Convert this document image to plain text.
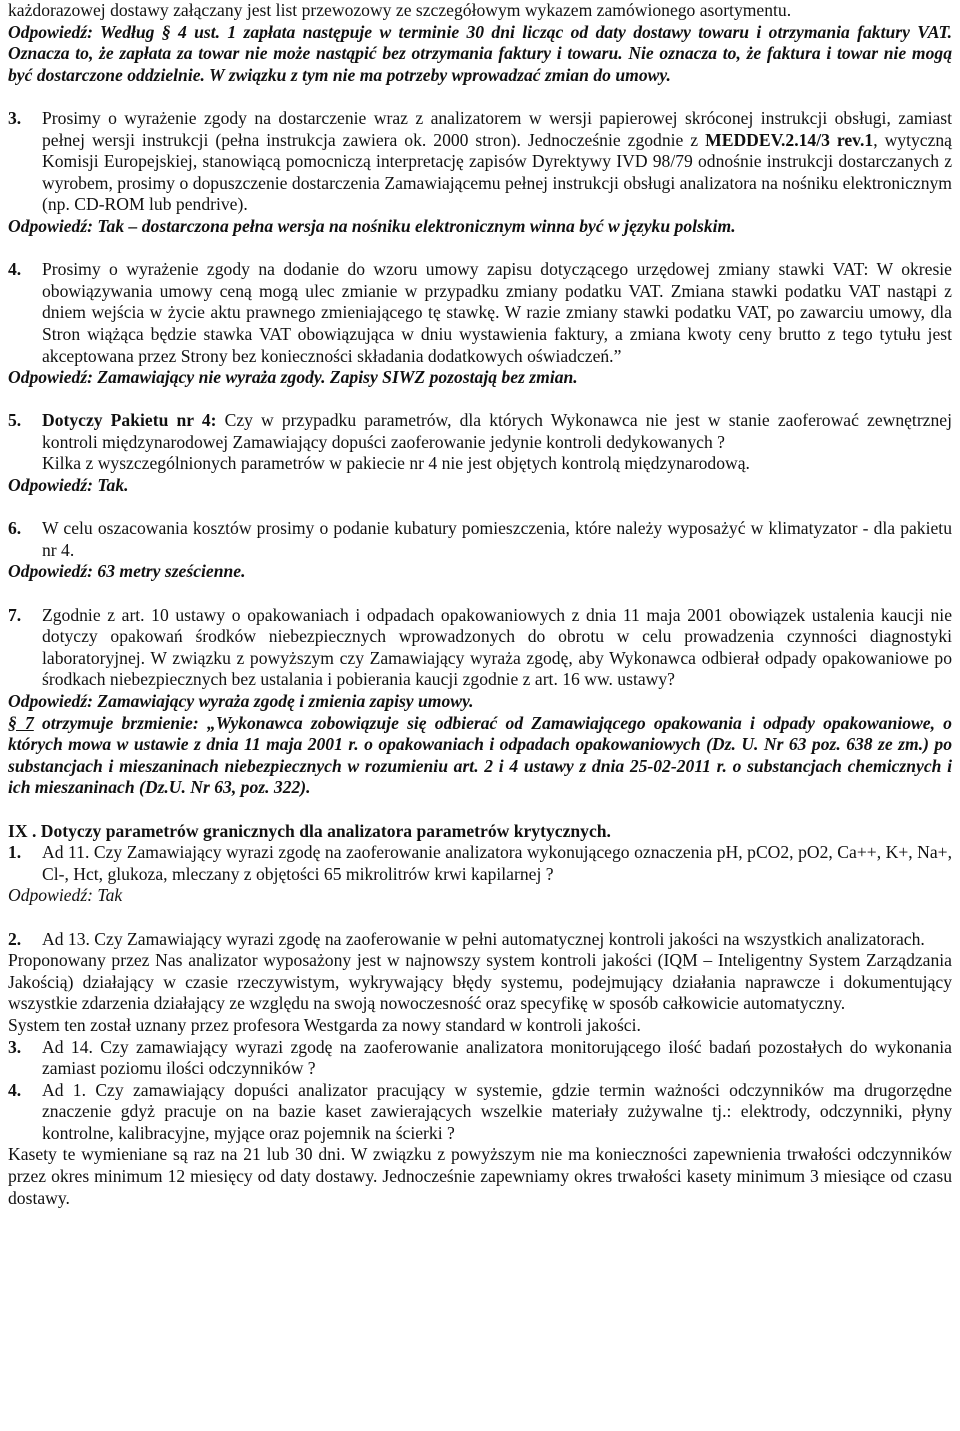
każdorazowej dostawy załączany jest list przewozowy ze szczegółowym wykazem zamówionego asortymentu.

Odpowiedź: Według § 4 ust. 1 zapłata następuje w terminie 30 dni licząc od daty dostawy towaru i otrzymania faktury VAT. Oznacza to, że zapłata za towar nie może nastąpić bez otrzymania faktury i towaru. Nie oznacza to, że faktura i towar nie mogą być dostarczone oddzielnie. W związku z tym nie ma potrzeby wprowadzać zmian do umowy.

3.	Prosimy o wyrażenie zgody na dostarczenie wraz z analizatorem w wersji papierowej skróconej instrukcji obsługi, zamiast pełnej wersji instrukcji (pełna instrukcja zawiera ok. 2000 stron). Jednocześnie zgodnie z MEDDEV.2.14/3 rev.1, wytyczną Komisji Europejskiej, stanowiącą pomocniczą interpretację zapisów Dyrektywy IVD 98/79 odnośnie instrukcji dostarczanych z wyrobem, prosimy o dopuszczenie dostarczenia Zamawiającemu pełnej instrukcji obsługi analizatora na nośniku elektronicznym (np. CD-ROM lub pendrive).

Odpowiedź: Tak – dostarczona pełna wersja na nośniku elektronicznym winna być w języku polskim.

4.	Prosimy o wyrażenie zgody na dodanie do wzoru umowy zapisu dotyczącego urzędowej zmiany stawki VAT: W okresie obowiązywania umowy ceną mogą ulec zmianie w przypadku zmiany podatku VAT. Zmiana stawki podatku VAT nastąpi z dniem wejścia w życie aktu prawnego zmieniającego tę stawkę. W razie zmiany stawki podatku VAT, po zawarciu umowy, dla Stron wiążąca będzie stawka VAT obowiązująca w dniu wystawienia faktury, a zmiana kwoty ceny brutto z tego tytułu jest akceptowana przez Strony bez konieczności składania dodatkowych oświadczeń.”

Odpowiedź: Zamawiający nie wyraża zgody. Zapisy SIWZ pozostają bez zmian.

5.	Dotyczy Pakietu nr 4: Czy w przypadku parametrów, dla których Wykonawca nie jest w stanie zaoferować zewnętrznej kontroli międzynarodowej Zamawiający dopuści zaoferowanie jedynie kontroli dedykowanych ?

Kilka z wyszczególnionych parametrów w pakiecie nr 4 nie jest objętych kontrolą międzynarodową.

Odpowiedź: Tak.

6.	W celu oszacowania kosztów prosimy o podanie kubatury pomieszczenia, które należy wyposażyć w klimatyzator - dla pakietu nr 4.

Odpowiedź: 63 metry sześcienne.

7.	Zgodnie z art. 10 ustawy o opakowaniach i odpadach opakowaniowych z dnia 11 maja 2001 obowiązek ustalenia kaucji nie dotyczy opakowań środków niebezpiecznych wprowadzonych do obrotu w celu prowadzenia czynności diagnostyki laboratoryjnej. W związku z powyższym czy Zamawiający wyraża zgodę, aby Wykonawca odbierał odpady opakowaniowe po środkach niebezpiecznych bez ustalania i pobierania kaucji zgodnie z art. 16 ww. ustawy?

Odpowiedź: Zamawiający wyraża zgodę i zmienia zapisy umowy.

§ 7 otrzymuje brzmienie: „Wykonawca zobowiązuje się odbierać od Zamawiającego opakowania i odpady opakowaniowe, o których mowa w ustawie z dnia 11 maja 2001 r. o opakowaniach i odpadach opakowaniowych (Dz. U. Nr 63 poz. 638 ze zm.) po substancjach i mieszaninach niebezpiecznych w rozumieniu art. 2 i 4 ustawy z dnia 25-02-2011 r. o substancjach chemicznych i ich mieszaninach (Dz.U. Nr 63, poz. 322).

IX . Dotyczy parametrów granicznych dla analizatora parametrów krytycznych.

1.	Ad 11. Czy Zamawiający wyrazi zgodę na zaoferowanie analizatora wykonującego oznaczenia pH, pCO2, pO2, Ca++, K+, Na+, Cl-, Hct, glukoza, mleczany z objętości 65 mikrolitrów krwi kapilarnej ?

Odpowiedź: Tak

2.	Ad 13. Czy Zamawiający wyrazi zgodę na zaoferowanie w pełni automatycznej kontroli jakości na wszystkich analizatorach.

Proponowany przez Nas analizator wyposażony jest w najnowszy system kontroli jakości (IQM – Inteligentny System Zarządzania Jakością) działający w czasie rzeczywistym, wykrywający błędy systemu, podejmujący działania naprawcze i dokumentujący wszystkie zdarzenia działający ze względu na swoją nowoczesność oraz specyfikę w sposób całkowicie automatyczny.

System ten został uznany przez profesora Westgarda za nowy standard w kontroli jakości.

3.	Ad 14. Czy zamawiający wyrazi zgodę na zaoferowanie analizatora monitorującego ilość badań pozostałych do wykonania zamiast poziomu ilości odczynników ?
4.	Ad 1. Czy zamawiający dopuści analizator pracujący w systemie, gdzie termin ważności odczynników ma drugorzędne znaczenie gdyż pracuje on na bazie kaset zawierających wszelkie materiały zużywalne tj.: elektrody, odczynniki, płyny kontrolne, kalibracyjne, myjące oraz pojemnik na ścierki ?

Kasety te wymieniane są raz na 21 lub 30 dni. W związku z powyższym nie ma konieczności zapewnienia trwałości odczynników przez okres minimum 12 miesięcy od daty dostawy. Jednocześnie zapewniamy okres trwałości kasety minimum 3 miesiące od czasu dostawy.
